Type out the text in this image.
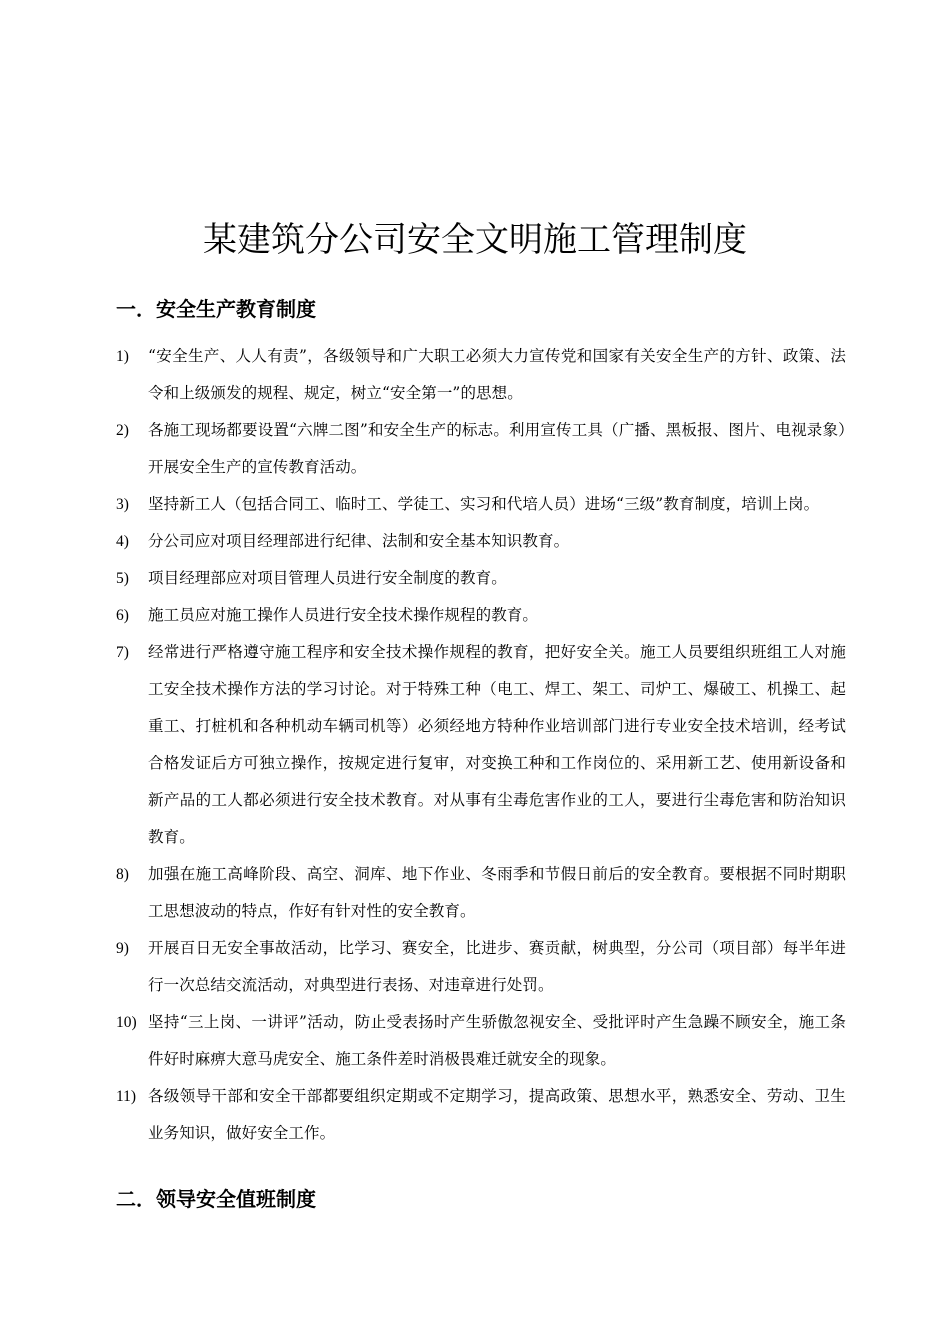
某建筑分公司安全文明施工管理制度
一．安全生产教育制度
1) “安全生产、人人有责”，各级领导和广大职工必须大力宣传党和国家有关安全生产的方针、政策、法令和上级颁发的规程、规定，树立“安全第一”的思想。
2) 各施工现场都要设置“六牌二图”和安全生产的标志。利用宣传工具（广播、黑板报、图片、电视录象）开展安全生产的宣传教育活动。
3) 坚持新工人（包括合同工、临时工、学徒工、实习和代培人员）进场“三级”教育制度，培训上岗。
4) 分公司应对项目经理部进行纪律、法制和安全基本知识教育。
5) 项目经理部应对项目管理人员进行安全制度的教育。
6) 施工员应对施工操作人员进行安全技术操作规程的教育。
7) 经常进行严格遵守施工程序和安全技术操作规程的教育，把好安全关。施工人员要组织班组工人对施工安全技术操作方法的学习讨论。对于特殊工种（电工、焊工、架工、司炉工、爆破工、机操工、起重工、打桩机和各种机动车辆司机等）必须经地方特种作业培训部门进行专业安全技术培训，经考试合格发证后方可独立操作，按规定进行复审，对变换工种和工作岗位的、采用新工艺、使用新设备和新产品的工人都必须进行安全技术教育。对从事有尘毒危害作业的工人，要进行尘毒危害和防治知识教育。
8) 加强在施工高峰阶段、高空、洞库、地下作业、冬雨季和节假日前后的安全教育。要根据不同时期职工思想波动的特点，作好有针对性的安全教育。
9) 开展百日无安全事故活动，比学习、赛安全，比进步、赛贡献，树典型，分公司（项目部）每半年进行一次总结交流活动，对典型进行表扬、对违章进行处罚。
10) 坚持“三上岗、一讲评”活动，防止受表扬时产生骄傲忽视安全、受批评时产生急躁不顾安全，施工条件好时麻痹大意马虎安全、施工条件差时消极畏难迁就安全的现象。
11) 各级领导干部和安全干部都要组织定期或不定期学习，提高政策、思想水平，熟悉安全、劳动、卫生业务知识，做好安全工作。
二．领导安全值班制度
